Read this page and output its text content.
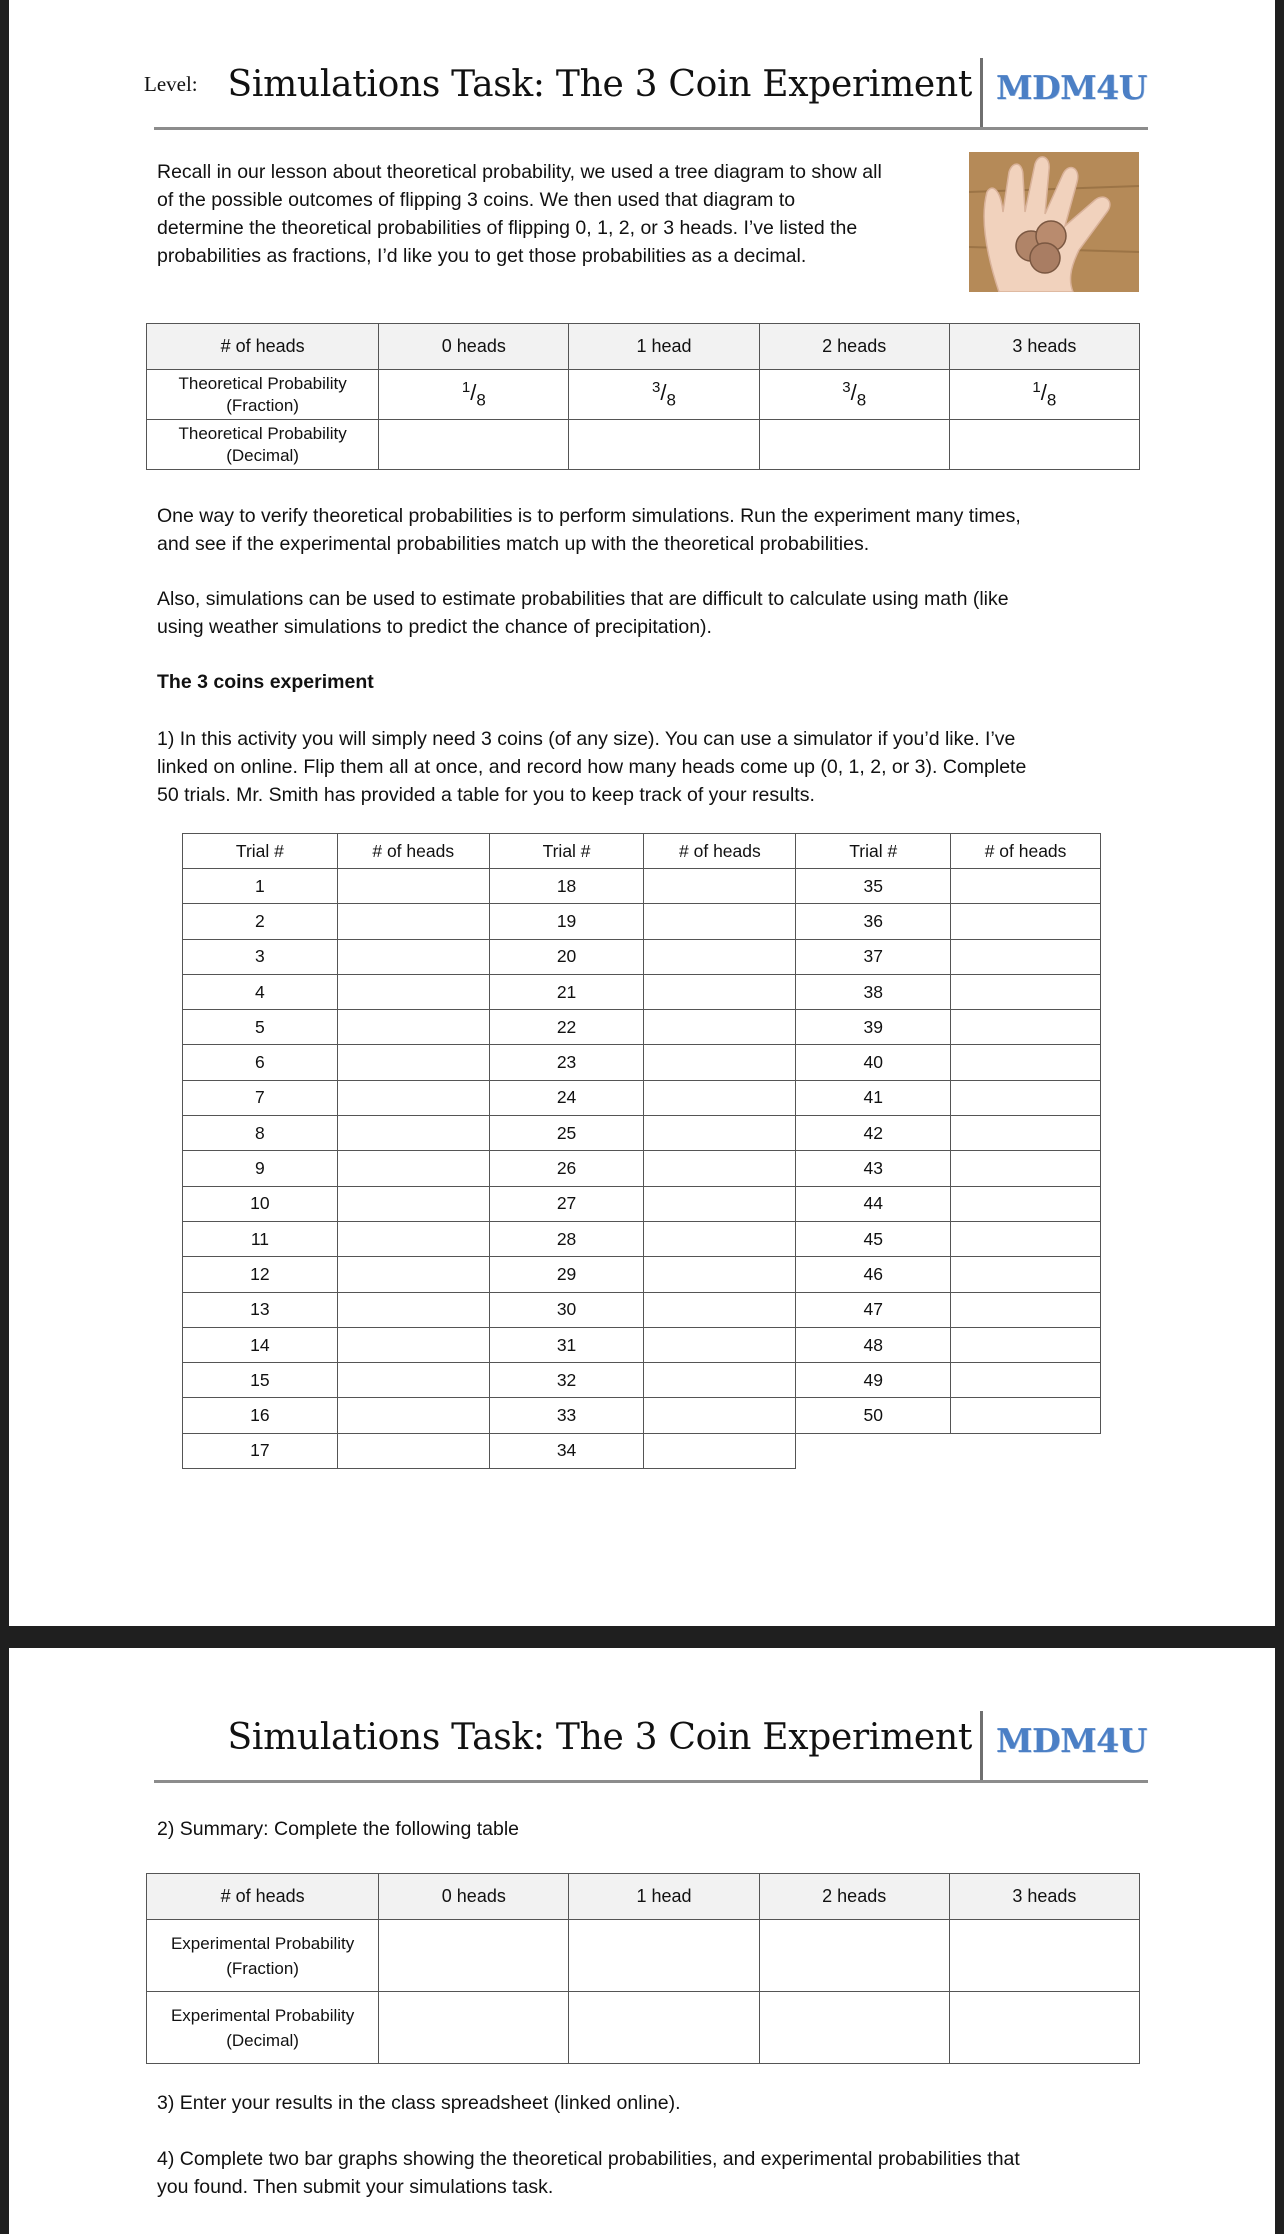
Level: Simulations Task: The 3 Coin Experiment MDM4U
Recall in our lesson about theoretical probability, we used a tree diagram to show all
of the possible outcomes of flipping 3 coins. We then used that diagram to
determine the theoretical probabilities of flipping 0, 1, 2, or 3 heads. I’ve listed the
probabilities as fractions, I’d like you to get those probabilities as a decimal.
# of heads	0 heads	1 head	2 heads	3 heads

Theoretical Probability
(Fraction)	$^1/_8$	$^3/_8$	$^3/_8$	$^1/_8$

Theoretical Probability
(Decimal)				

One way to verify theoretical probabilities is to perform simulations. Run the experiment many times,
and see if the experimental probabilities match up with the theoretical probabilities.
Also, simulations can be used to estimate probabilities that are difficult to calculate using math (like
using weather simulations to predict the chance of precipitation).
The 3 coins experiment
1) In this activity you will simply need 3 coins (of any size). You can use a simulator if you’d like. I’ve
linked on online. Flip them all at once, and record how many heads come up (0, 1, 2, or 3). Complete
50 trials. Mr. Smith has provided a table for you to keep track of your results.
Trial #	# of heads	Trial #	# of heads	Trial #	# of heads
1		18		35	
2		19		36	
3		20		37	
4		21		38	
5		22		39	
6		23		40	
7		24		41	
8		25		42	
9		26		43	
10		27		44	
11		28		45	
12		29		46	
13		30		47	
14		31		48	
15		32		49	
16		33		50	
17		34			
Simulations Task: The 3 Coin Experiment MDM4U
2) Summary: Complete the following table
# of heads	0 heads	1 head	2 heads	3 heads

Experimental Probability
(Fraction)				

Experimental Probability
(Decimal)				

3) Enter your results in the class spreadsheet (linked online).
4) Complete two bar graphs showing the theoretical probabilities, and experimental probabilities that
you found. Then submit your simulations task.
